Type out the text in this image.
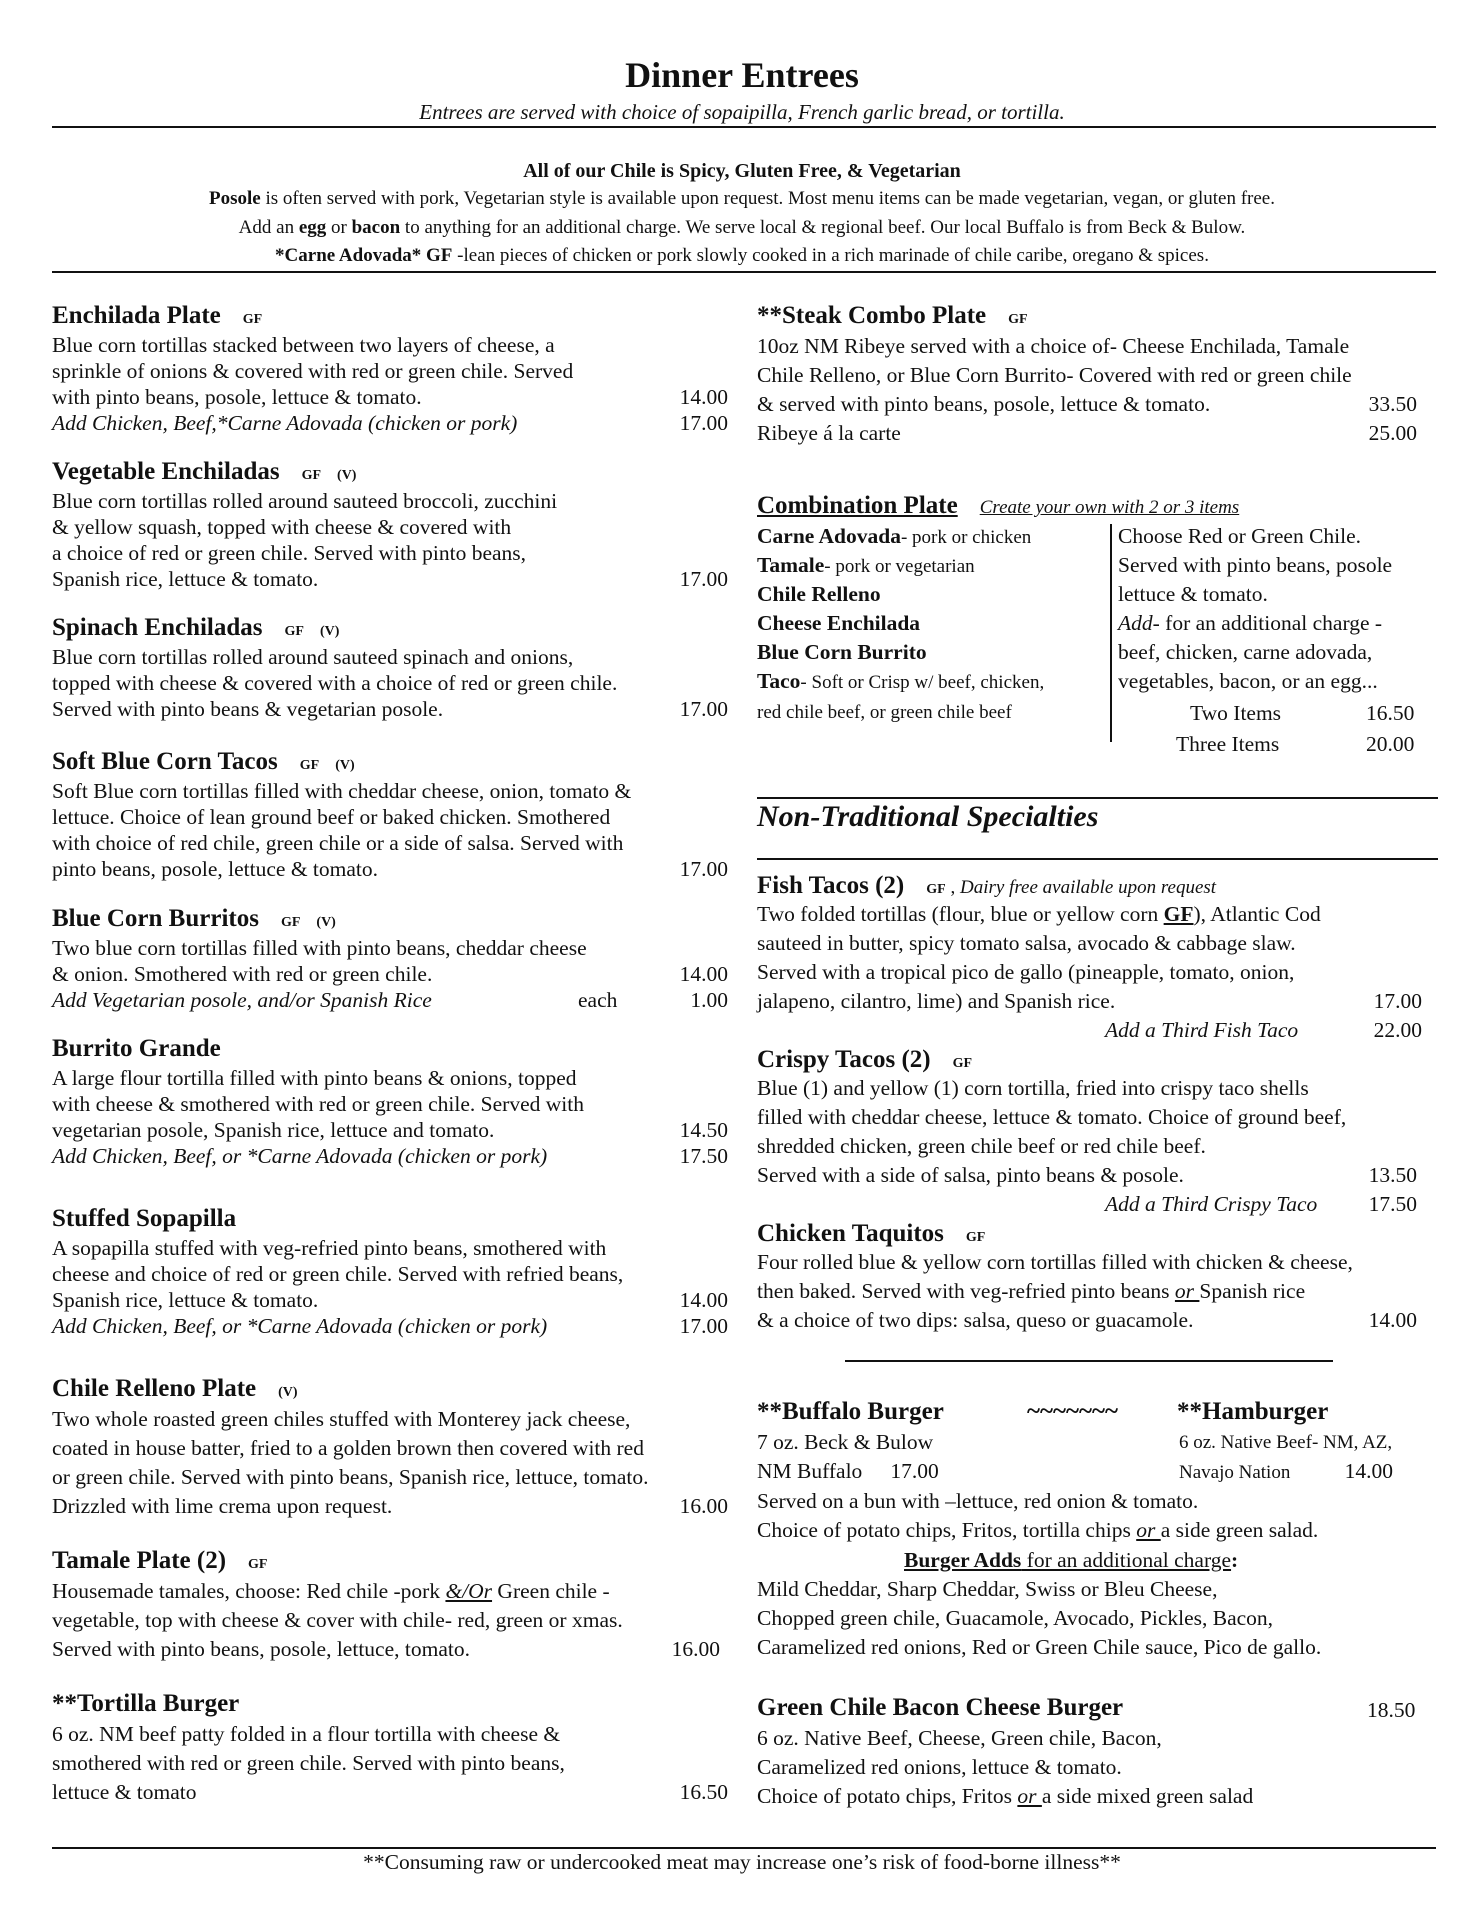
Dinner Entrees
Entrees are served with choice of sopaipilla, French garlic bread, or tortilla.
All of our Chile is Spicy, Gluten Free, & Vegetarian
Posole is often served with pork, Vegetarian style is available upon request. Most menu items can be made vegetarian, vegan, or gluten free.
Add an egg or bacon to anything for an additional charge. We serve local & regional beef. Our local Buffalo is from Beck & Bulow.
*Carne Adovada* GF -lean pieces of chicken or pork slowly cooked in a rich marinade of chile caribe, oregano & spices.
Enchilada Plate GF
Blue corn tortillas stacked between two layers of cheese, a
sprinkle of onions & covered with red or green chile. Served
with pinto beans, posole, lettuce & tomato.	14.00
Add Chicken, Beef,*Carne Adovada (chicken or pork)	17.00
Vegetable Enchiladas GF (V)
Blue corn tortillas rolled around sauteed broccoli, zucchini
& yellow squash, topped with cheese & covered with
a choice of red or green chile. Served with pinto beans,
Spanish rice, lettuce & tomato.	17.00
Spinach Enchiladas GF (V)
Blue corn tortillas rolled around sauteed spinach and onions,
topped with cheese & covered with a choice of red or green chile.
Served with pinto beans & vegetarian posole.	17.00
Soft Blue Corn Tacos GF (V)
Soft Blue corn tortillas filled with cheddar cheese, onion, tomato &
lettuce. Choice of lean ground beef or baked chicken. Smothered
with choice of red chile, green chile or a side of salsa. Served with
pinto beans, posole, lettuce & tomato.	17.00
Blue Corn Burritos GF (V)
Two blue corn tortillas filled with pinto beans, cheddar cheese
& onion. Smothered with red or green chile.	14.00
Add Vegetarian posole, and/or Spanish Rice	each	1.00
Burrito Grande
A large flour tortilla filled with pinto beans & onions, topped
with cheese & smothered with red or green chile. Served with
vegetarian posole, Spanish rice, lettuce and tomato.	14.50
Add Chicken, Beef, or *Carne Adovada (chicken or pork)	17.50
Stuffed Sopapilla
A sopapilla stuffed with veg-refried pinto beans, smothered with
cheese and choice of red or green chile. Served with refried beans,
Spanish rice, lettuce & tomato.	14.00
Add Chicken, Beef, or *Carne Adovada (chicken or pork)	17.00
Chile Relleno Plate (V)
Two whole roasted green chiles stuffed with Monterey jack cheese,
coated in house batter, fried to a golden brown then covered with red
or green chile. Served with pinto beans, Spanish rice, lettuce, tomato.
Drizzled with lime crema upon request.	16.00
Tamale Plate (2) GF
Housemade tamales, choose: Red chile -pork &/Or Green chile -
vegetable, top with cheese & cover with chile- red, green or xmas.
Served with pinto beans, posole, lettuce, tomato.	16.00
**Tortilla Burger
6 oz. NM beef patty folded in a flour tortilla with cheese &
smothered with red or green chile. Served with pinto beans,
lettuce & tomato	16.50
**Steak Combo Plate GF
10oz NM Ribeye served with a choice of- Cheese Enchilada, Tamale
Chile Relleno, or Blue Corn Burrito- Covered with red or green chile
& served with pinto beans, posole, lettuce & tomato.	33.50
Ribeye á la carte	25.00
Combination Plate Create your own with 2 or 3 items
Carne Adovada- pork or chicken
Tamale- pork or vegetarian
Chile Relleno
Cheese Enchilada
Blue Corn Burrito
Taco- Soft or Crisp w/ beef, chicken,
red chile beef, or green chile beef
Choose Red or Green Chile.
Served with pinto beans, posole
lettuce & tomato.
Add- for an additional charge -
beef, chicken, carne adovada,
vegetables, bacon, or an egg...
Two Items	16.50
Three Items	20.00
Non-Traditional Specialties
Fish Tacos (2) GF , Dairy free available upon request
Two folded tortillas (flour, blue or yellow corn GF), Atlantic Cod
sauteed in butter, spicy tomato salsa, avocado & cabbage slaw.
Served with a tropical pico de gallo (pineapple, tomato, onion,
jalapeno, cilantro, lime) and Spanish rice.	17.00
Add a Third Fish Taco	22.00
Crispy Tacos (2) GF
Blue (1) and yellow (1) corn tortilla, fried into crispy taco shells
filled with cheddar cheese, lettuce & tomato. Choice of ground beef,
shredded chicken, green chile beef or red chile beef.
Served with a side of salsa, pinto beans & posole.	13.50
Add a Third Crispy Taco 17.50
Chicken Taquitos GF
Four rolled blue & yellow corn tortillas filled with chicken & cheese,
then baked. Served with veg-refried pinto beans or Spanish rice
& a choice of two dips: salsa, queso or guacamole.	14.00
**Buffalo Burger	~~~~~~~ **Hamburger
7 oz. Beck & Bulow
NM Buffalo 17.00
6 oz. Native Beef- NM, AZ,
Navajo Nation	14.00
Served on a bun with –lettuce, red onion & tomato.
Choice of potato chips, Fritos, tortilla chips or a side green salad.
Burger Adds for an additional charge:
Mild Cheddar, Sharp Cheddar, Swiss or Bleu Cheese,
Chopped green chile, Guacamole, Avocado, Pickles, Bacon,
Caramelized red onions, Red or Green Chile sauce, Pico de gallo.
Green Chile Bacon Cheese Burger	18.50
6 oz. Native Beef, Cheese, Green chile, Bacon,
Caramelized red onions, lettuce & tomato.
Choice of potato chips, Fritos or a side mixed green salad
**Consuming raw or undercooked meat may increase one’s risk of food-borne illness**
